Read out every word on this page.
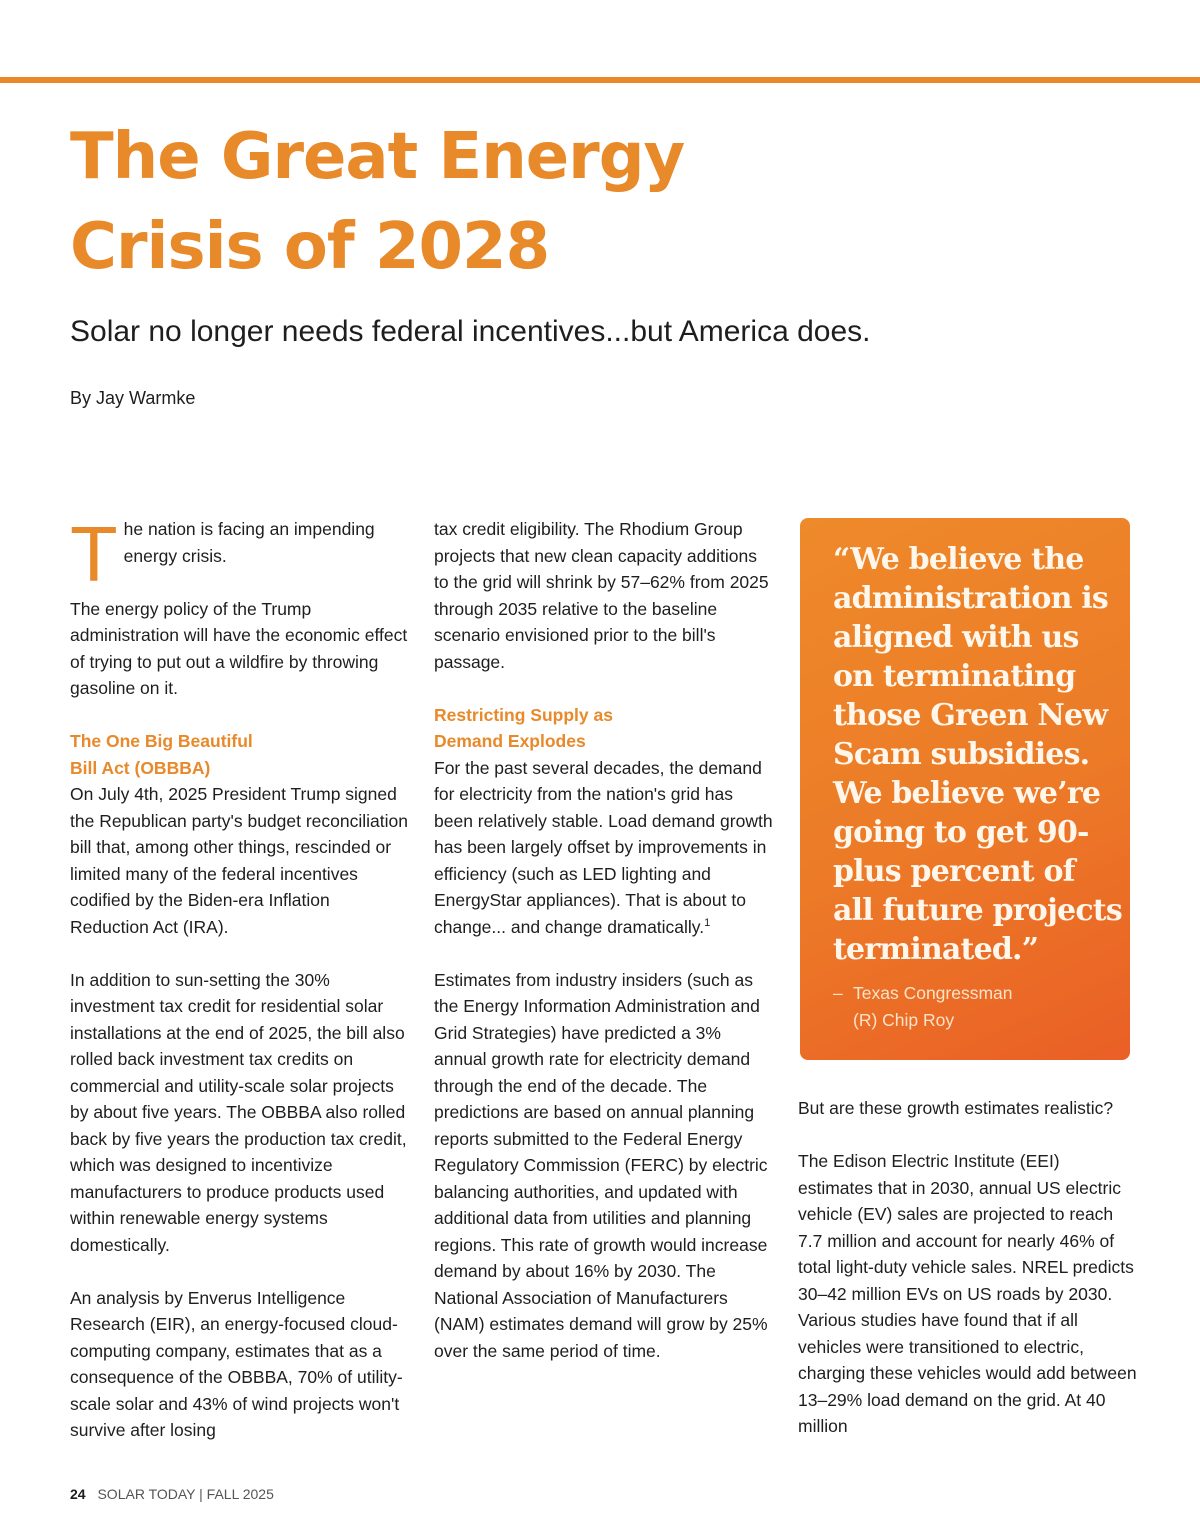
The Great Energy
Crisis of 2028
Solar no longer needs federal incentives...but America does.
By Jay Warmke

The nation is facing an impending energy crisis.

The energy policy of the Trump administration will have the economic effect of trying to put out a wildfire by throwing gasoline on it.

The One Big Beautiful
Bill Act (OBBBA)

On July 4th, 2025 President Trump signed the Republican party's budget reconciliation bill that, among other things, rescinded or limited many of the federal incentives codified by the Biden-era Inflation Reduction Act (IRA).

In addition to sun-setting the 30% investment tax credit for residential solar installations at the end of 2025, the bill also rolled back investment tax credits on commercial and utility-scale solar projects by about five years. The OBBBA also rolled back by five years the production tax credit, which was designed to incentivize manufacturers to produce products used within renewable energy systems domestically.

An analysis by Enverus Intelligence Research (EIR), an energy-focused cloud-computing company, estimates that as a consequence of the OBBBA, 70% of utility-scale solar and 43% of wind projects won't survive after losing

tax credit eligibility. The Rhodium Group projects that new clean capacity additions to the grid will shrink by 57–62% from 2025 through 2035 relative to the baseline scenario envisioned prior to the bill's passage.

Restricting Supply as
Demand Explodes

For the past several decades, the demand for electricity from the nation's grid has been relatively stable. Load demand growth has been largely offset by improvements in efficiency (such as LED lighting and EnergyStar appliances). That is about to change... and change dramatically.$^1$

Estimates from industry insiders (such as the Energy Information Administration and Grid Strategies) have predicted a 3% annual growth rate for electricity demand through the end of the decade. The predictions are based on annual planning reports submitted to the Federal Energy Regulatory Commission (FERC) by electric balancing authorities, and updated with additional data from utilities and planning regions. This rate of growth would increase demand by about 16% by 2030. The National Association of Manufacturers (NAM) estimates demand will grow by 25% over the same period of time.

“We believe the administration is aligned with us on terminating those Green New Scam subsidies. We believe we’re going to get 90-plus percent of all future projects terminated.”
– Texas Congressman
(R) Chip Roy

But are these growth estimates realistic?

The Edison Electric Institute (EEI) estimates that in 2030, annual US electric vehicle (EV) sales are projected to reach 7.7 million and account for nearly 46% of total light-duty vehicle sales. NREL predicts 30–42 million EVs on US roads by 2030. Various studies have found that if all vehicles were transitioned to electric, charging these vehicles would add between 13–29% load demand on the grid. At 40 million

24 SOLAR TODAY | FALL 2025
